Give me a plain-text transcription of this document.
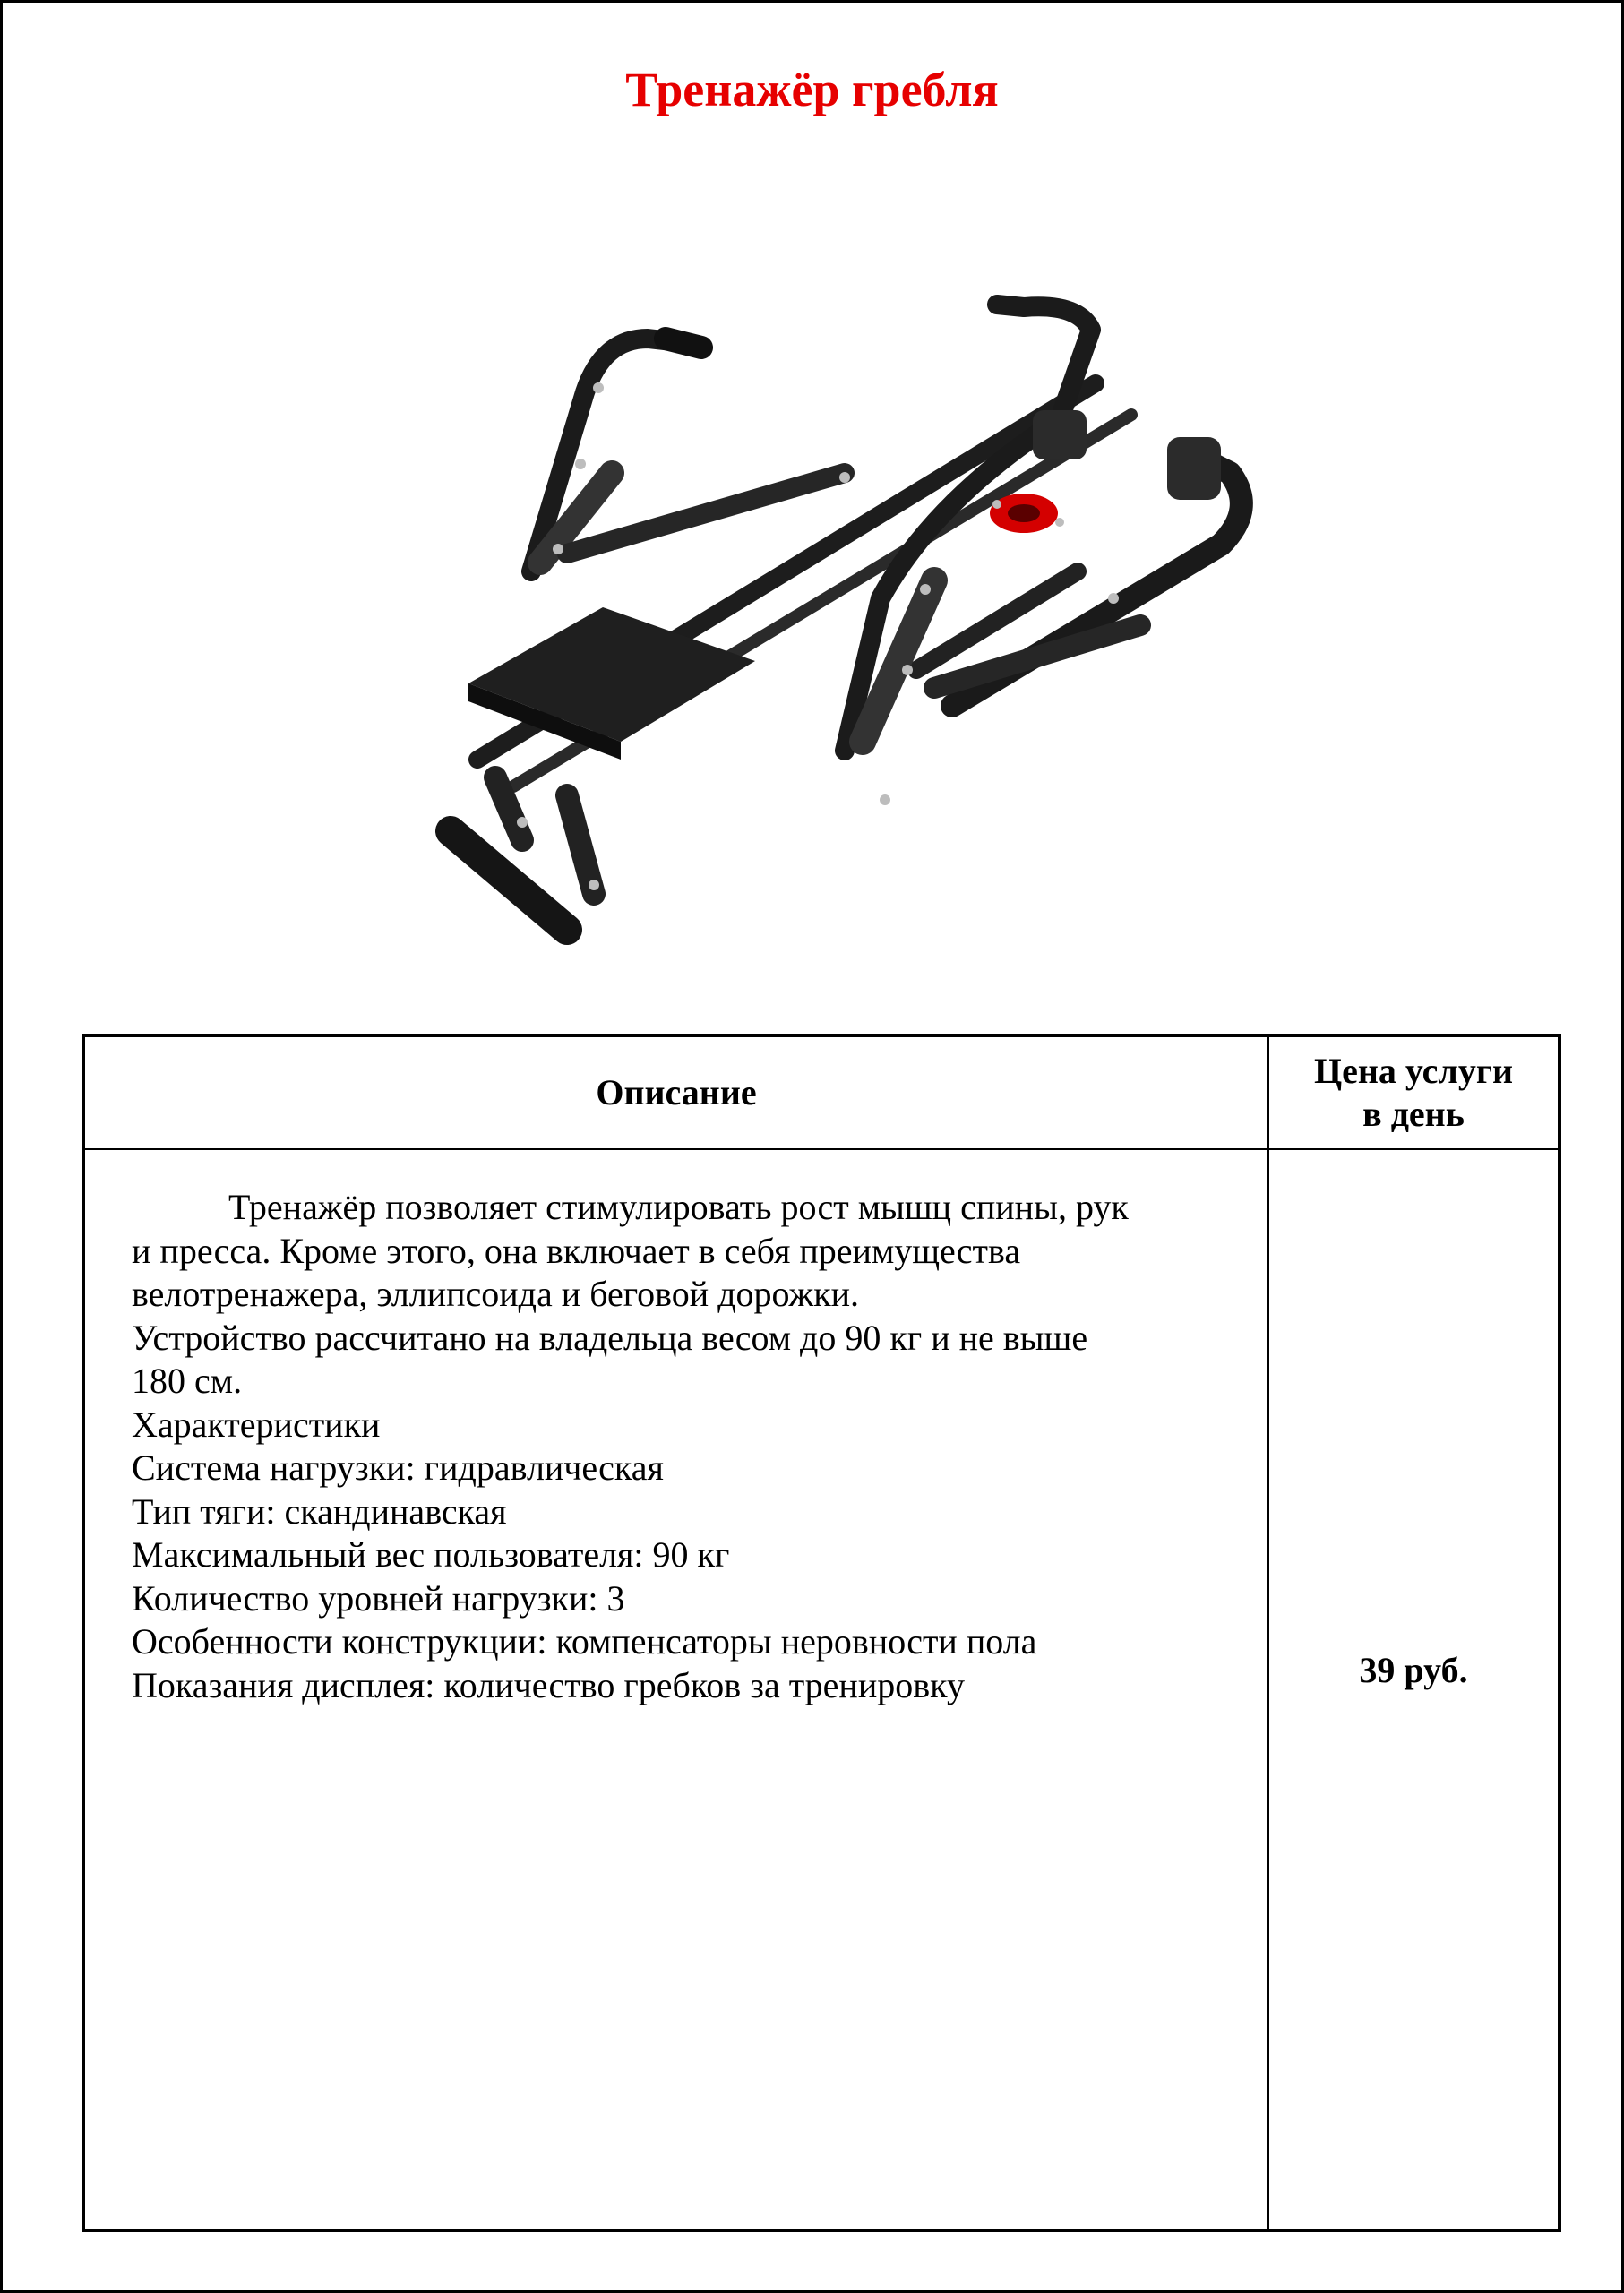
Тренажёр гребля
Описание
Цена услуги
в день
Тренажёр позволяет стимулировать рост мышц спины, рук
и пресса. Кроме этого, она включает в себя преимущества
велотренажера, эллипсоида и беговой дорожки.
Устройство рассчитано на владельца весом до 90 кг и не выше
180 см.
Характеристики
Система нагрузки: гидравлическая
Тип тяги: скандинавская
Максимальный вес пользователя: 90 кг
Количество уровней нагрузки: 3
Особенности конструкции: компенсаторы неровности пола
Показания дисплея: количество гребков за тренировку	39 руб.
